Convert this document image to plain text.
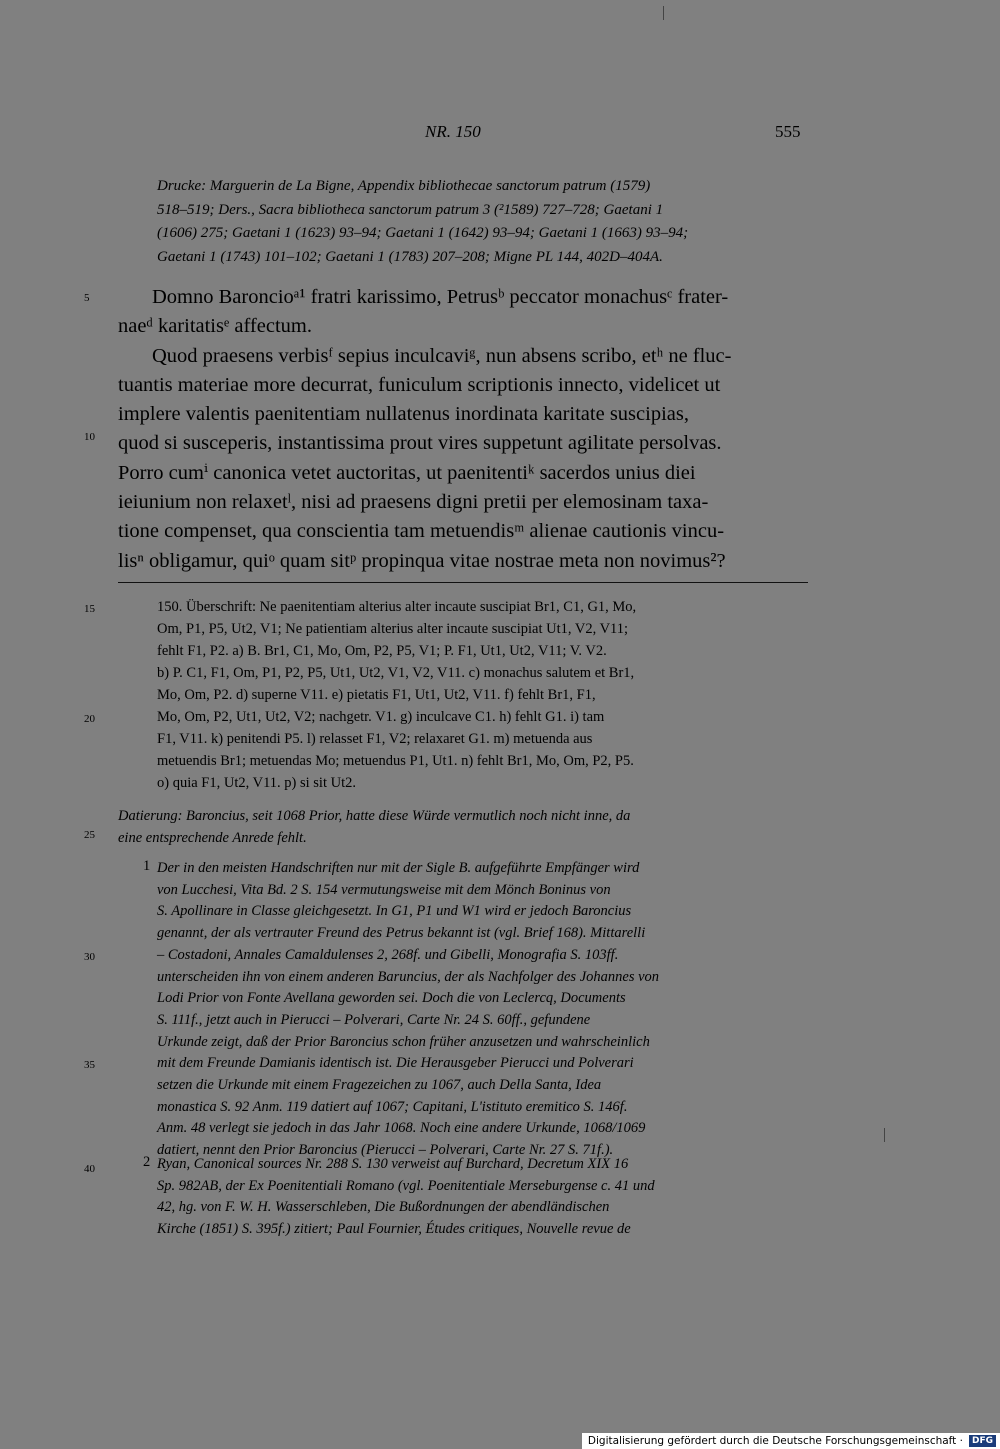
NR. 150	555
Drucke: Marguerin de La Bigne, Appendix bibliothecae sanctorum patrum (1579)
518–519; Ders., Sacra bibliotheca sanctorum patrum 3 (²1589) 727–728; Gaetani 1
(1606) 275; Gaetani 1 (1623) 93–94; Gaetani 1 (1642) 93–94; Gaetani 1 (1663) 93–94;
Gaetani 1 (1743) 101–102; Gaetani 1 (1783) 207–208; Migne PL 144, 402D–404A.
5
10
15
20
25
30
35
40
Domno Baroncioᵃ¹ fratri karissimo, Petrusᵇ peccator monachusᶜ frater-
naeᵈ karitatisᵉ affectum.
Quod praesens verbisᶠ sepius inculcaviᵍ, nun absens scribo, etʰ ne fluc-
tuantis materiae more decurrat, funiculum scriptionis innecto, videlicet ut
implere valentis paenitentiam nullatenus inordinata karitate suscipias,
quod si susceperis, instantissima prout vires suppetunt agilitate persolvas.
Porro cumⁱ canonica vetet auctoritas, ut paenitentiᵏ sacerdos unius diei
ieiunium non relaxetˡ, nisi ad praesens digni pretii per elemosinam taxa-
tione compenset, qua conscientia tam metuendisᵐ alienae cautionis vincu-
lisⁿ obligamur, quiᵒ quam sitᵖ propinqua vitae nostrae meta non novimus²?
150. Überschrift: Ne paenitentiam alterius alter incaute suscipiat Br1, C1, G1, Mo,
Om, P1, P5, Ut2, V1; Ne patientiam alterius alter incaute suscipiat Ut1, V2, V11;
fehlt F1, P2. a) B. Br1, C1, Mo, Om, P2, P5, V1; P. F1, Ut1, Ut2, V11; V. V2.
b) P. C1, F1, Om, P1, P2, P5, Ut1, Ut2, V1, V2, V11. c) monachus salutem et Br1,
Mo, Om, P2. d) superne V11. e) pietatis F1, Ut1, Ut2, V11. f) fehlt Br1, F1,
Mo, Om, P2, Ut1, Ut2, V2; nachgetr. V1. g) inculcave C1. h) fehlt G1. i) tam
F1, V11. k) penitendi P5. l) relasset F1, V2; relaxaret G1. m) metuenda aus
metuendis Br1; metuendas Mo; metuendus P1, Ut1. n) fehlt Br1, Mo, Om, P2, P5.
o) quia F1, Ut2, V11. p) si sit Ut2.
Datierung: Baroncius, seit 1068 Prior, hatte diese Würde vermutlich noch nicht inne, da
eine entsprechende Anrede fehlt.
1 Der in den meisten Handschriften nur mit der Sigle B. aufgeführte Empfänger wird
von Lucchesi, Vita Bd. 2 S. 154 vermutungsweise mit dem Mönch Boninus von
S. Apollinare in Classe gleichgesetzt. In G1, P1 und W1 wird er jedoch Baroncius
genannt, der als vertrauter Freund des Petrus bekannt ist (vgl. Brief 168). Mittarelli
– Costadoni, Annales Camaldulenses 2, 268f. und Gibelli, Monografia S. 103ff.
unterscheiden ihn von einem anderen Baruncius, der als Nachfolger des Johannes von
Lodi Prior von Fonte Avellana geworden sei. Doch die von Leclercq, Documents
S. 111f., jetzt auch in Pierucci – Polverari, Carte Nr. 24 S. 60ff., gefundene
Urkunde zeigt, daß der Prior Baroncius schon früher anzusetzen und wahrscheinlich
mit dem Freunde Damianis identisch ist. Die Herausgeber Pierucci und Polverari
setzen die Urkunde mit einem Fragezeichen zu 1067, auch Della Santa, Idea
monastica S. 92 Anm. 119 datiert auf 1067; Capitani, L'istituto eremitico S. 146f.
Anm. 48 verlegt sie jedoch in das Jahr 1068. Noch eine andere Urkunde, 1068/1069
datiert, nennt den Prior Baroncius (Pierucci – Polverari, Carte Nr. 27 S. 71f.).
2 Ryan, Canonical sources Nr. 288 S. 130 verweist auf Burchard, Decretum XIX 16
Sp. 982AB, der Ex Poenitentiali Romano (vgl. Poenitentiale Merseburgense c. 41 und
42, hg. von F. W. H. Wasserschleben, Die Bußordnungen der abendländischen
Kirche (1851) S. 395f.) zitiert; Paul Fournier, Études critiques, Nouvelle revue de
Digitalisierung gefördert durch die Deutsche Forschungsgemeinschaft ·	DFG
